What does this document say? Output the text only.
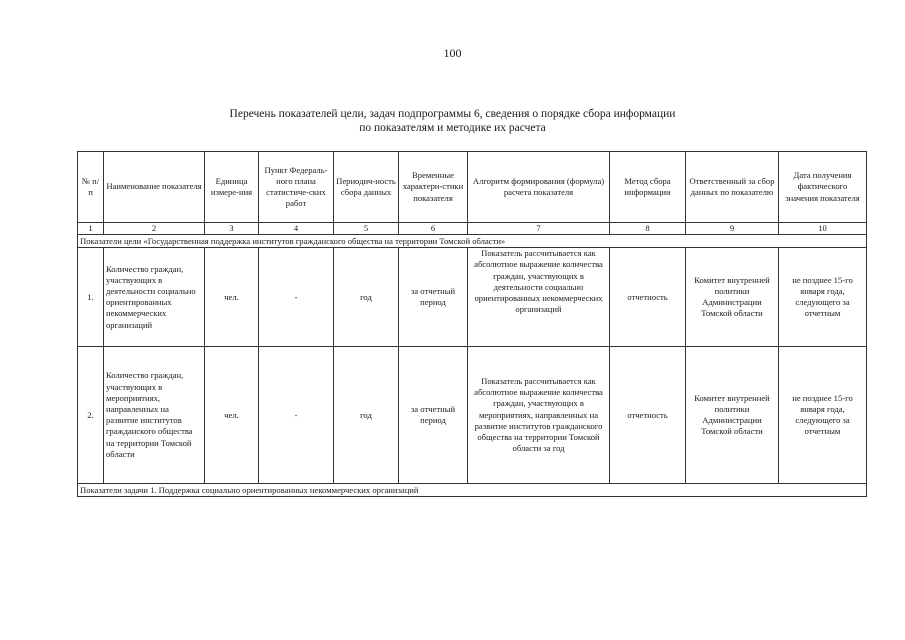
100
Перечень показателей цели, задач подпрограммы 6, сведения о порядке сбора информации
по показателям и методике их расчета
№ п/п	Наименование показателя	Единица измере-ния	Пункт Федераль-ного плана статистиче-ских работ	Периодич-ность сбора данных	Временные характери-стики показателя	Алгоритм формирования (формула) расчета показателя	Метод сбора информации	Ответственный за сбор данных по показателю	Дата получения фактического значения показателя
1	2	3	4	5	6	7	8	9	10
Показатели цели «Государственная поддержка институтов гражданского общества на территории Томской области»									
1.	Количество граждан, участвующих в деятельности социально ориентированных некоммерческих организаций	чел.	-	год	за отчетный период	Показатель рассчитывается как абсолютное выражение количества граждан, участвующих в деятельности социально ориентированных некоммерческих организаций	отчетность	Комитет внутренней политики Администрации Томской области	не позднее 15-го января года, следующего за отчетным
2.	Количество граждан, участвующих в мероприятиях, направленных на развитие институтов гражданского общества на территории Томской области	чел.	-	год	за отчетный период	Показатель рассчитывается как абсолютное выражение количества граждан, участвующих в мероприятиях, направленных на развитие институтов гражданского общества на территории Томской области за год	отчетность	Комитет внутренней политики Администрации Томской области	не позднее 15-го января года, следующего за отчетным
Показатели задачи 1. Поддержка социально ориентированных некоммерческих организаций									
